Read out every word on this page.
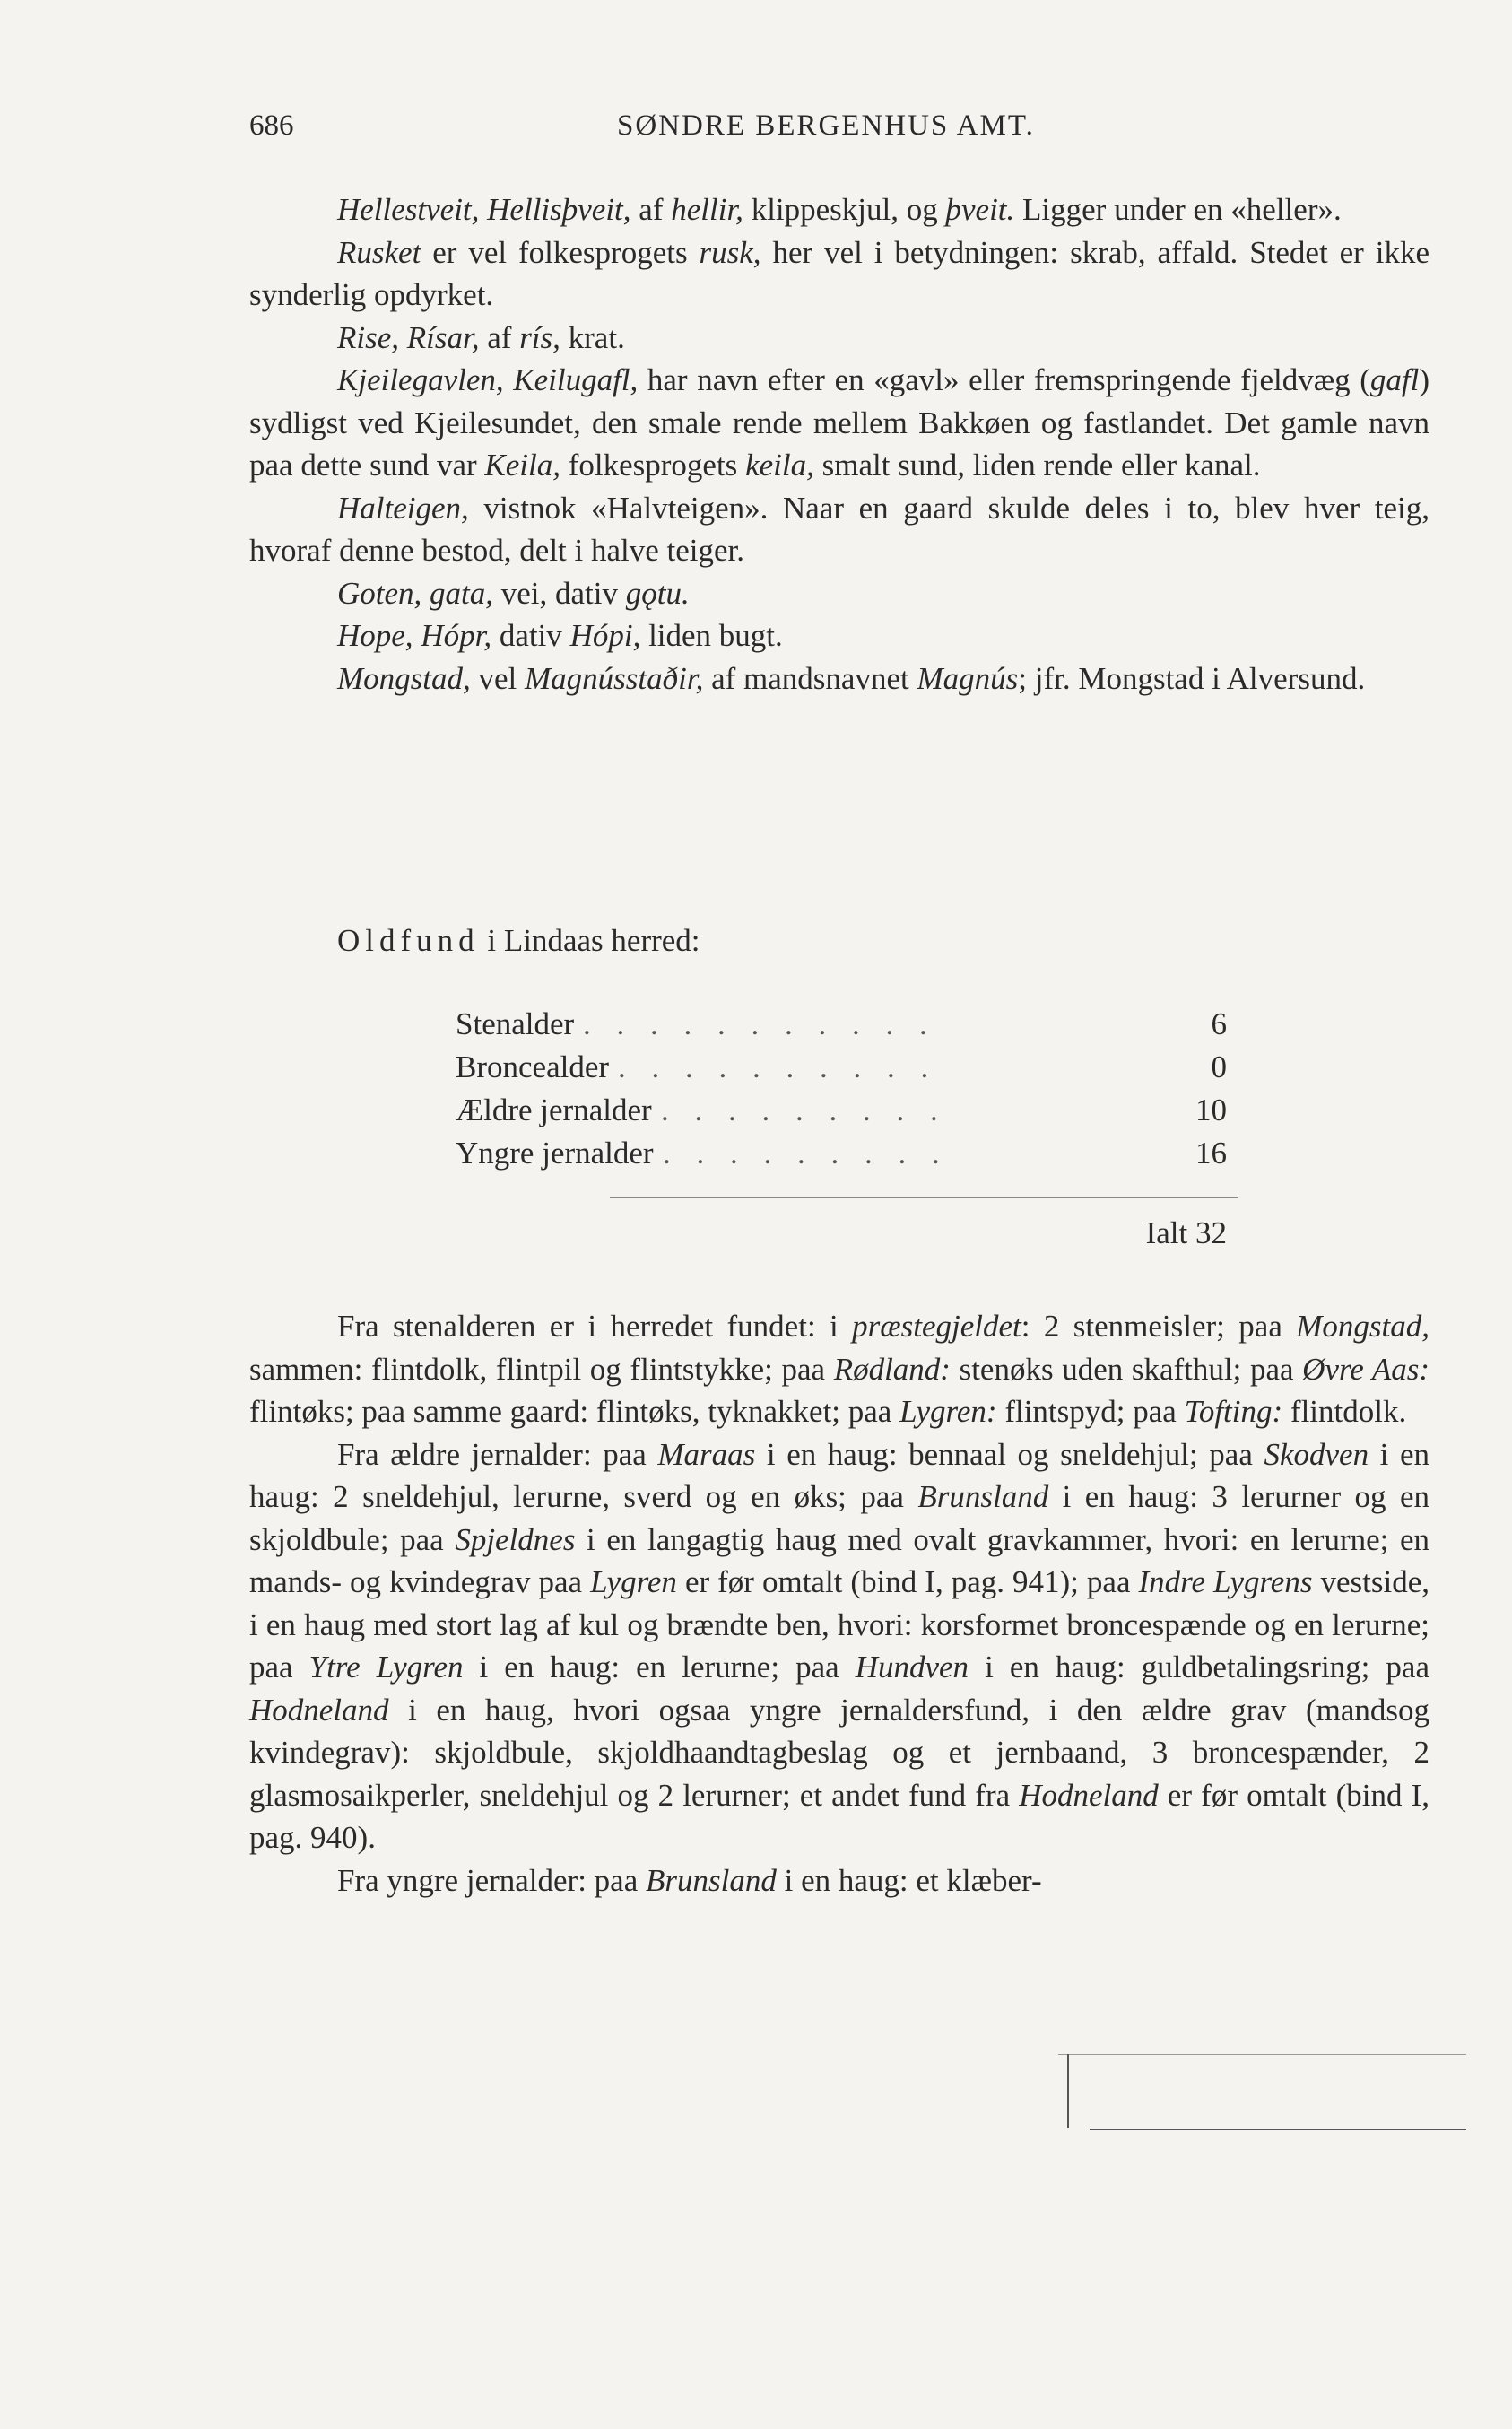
686	SØNDRE BERGENHUS AMT.

Hellestveit, Hellisþveit, af hellir, klippeskjul, og þveit. Ligger under en «heller».

Rusket er vel folkesprogets rusk, her vel i betydningen: skrab, affald. Stedet er ikke synderlig opdyrket.

Rise, Rísar, af rís, krat.

Kjeilegavlen, Keilugafl, har navn efter en «gavl» eller fremspringende fjeldvæg (gafl) sydligst ved Kjeilesundet, den smale rende mellem Bakkøen og fastlandet. Det gamle navn paa dette sund var Keila, folkesprogets keila, smalt sund, liden rende eller kanal.

Halteigen, vistnok «Halvteigen». Naar en gaard skulde deles i to, blev hver teig, hvoraf denne bestod, delt i halve teiger.

Goten, gata, vei, dativ gǫtu.

Hope, Hópr, dativ Hópi, liden bugt.

Mongstad, vel Magnússtaðir, af mandsnavnet Magnús; jfr. Mongstad i Alversund.

Oldfund i Lindaas herred:

Stenalder . . . . . . . . . . .	6
Broncealder . . . . . . . . . .	0
Ældre jernalder . . . . . . . . .	10
Yngre jernalder . . . . . . . . .	16
Ialt 32

Fra stenalderen er i herredet fundet: i præstegjeldet: 2 stenmeisler; paa Mongstad, sammen: flintdolk, flintpil og flintstykke; paa Rødland: stenøks uden skafthul; paa Øvre Aas: flintøks; paa samme gaard: flintøks, tyknakket; paa Lygren: flintspyd; paa Tofting: flintdolk.

Fra ældre jernalder: paa Maraas i en haug: bennaal og sneldehjul; paa Skodven i en haug: 2 sneldehjul, lerurne, sverd og en øks; paa Brunsland i en haug: 3 lerurner og en skjoldbule; paa Spjeldnes i en langagtig haug med ovalt gravkammer, hvori: en lerurne; en mands- og kvindegrav paa Lygren er før omtalt (bind I, pag. 941); paa Indre Lygrens vestside, i en haug med stort lag af kul og brændte ben, hvori: korsformet broncespænde og en lerurne; paa Ytre Lygren i en haug: en lerurne; paa Hundven i en haug: guldbetalingsring; paa Hodneland i en haug, hvori ogsaa yngre jernaldersfund, i den ældre grav (mandsog kvindegrav): skjoldbule, skjoldhaandtagbeslag og et jernbaand, 3 broncespænder, 2 glasmosaikperler, sneldehjul og 2 lerurner; et andet fund fra Hodneland er før omtalt (bind I, pag. 940).

Fra yngre jernalder: paa Brunsland i en haug: et klæber-
